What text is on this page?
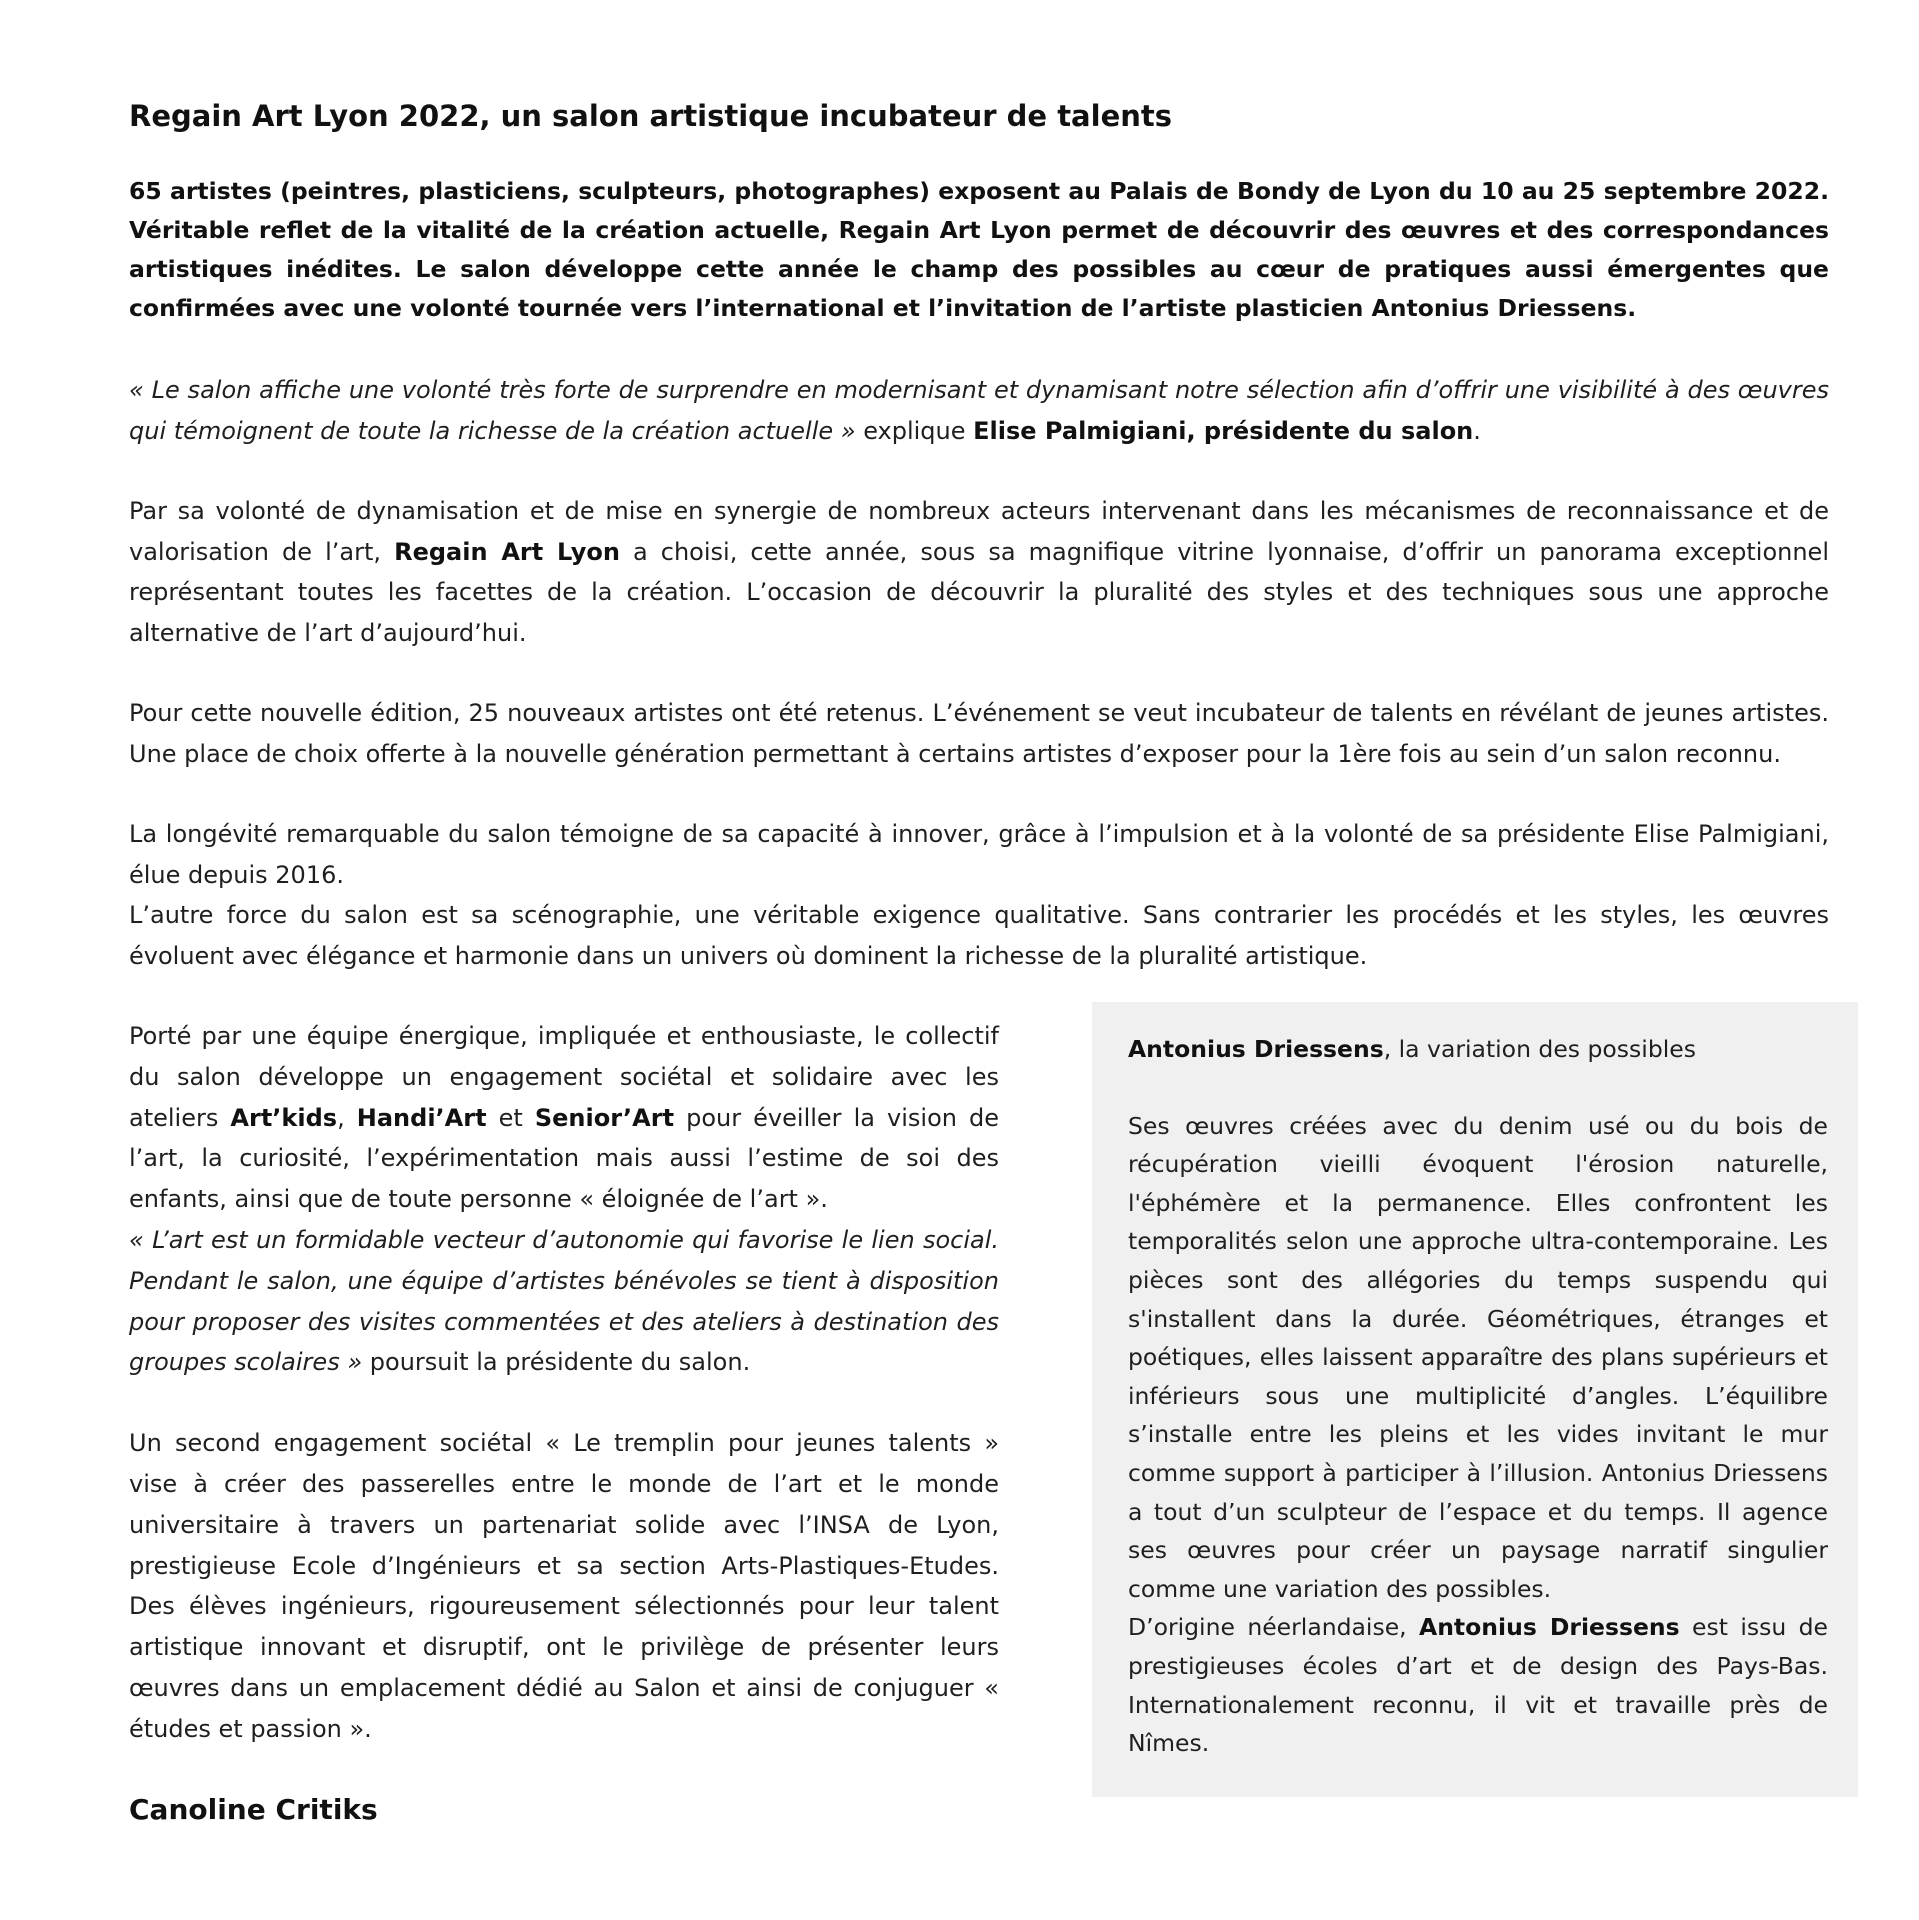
Regain Art Lyon 2022, un salon artistique incubateur de talents

65 artistes (peintres, plasticiens, sculpteurs, photographes) exposent au Palais de Bondy de Lyon du 10 au 25 septembre 2022. Véritable reflet de la vitalité de la création actuelle, Regain Art Lyon permet de découvrir des œuvres et des correspondances artistiques inédites. Le salon développe cette année le champ des possibles au cœur de pratiques aussi émergentes que confirmées avec une volonté tournée vers l’international et l’invitation de l’artiste plasticien Antonius Driessens.

« Le salon affiche une volonté très forte de surprendre en modernisant et dynamisant notre sélection afin d’offrir une visibilité à des œuvres qui témoignent de toute la richesse de la création actuelle » explique Elise Palmigiani, présidente du salon.

Par sa volonté de dynamisation et de mise en synergie de nombreux acteurs intervenant dans les mécanismes de reconnaissance et de valorisation de l’art, Regain Art Lyon a choisi, cette année, sous sa magnifique vitrine lyonnaise, d’offrir un panorama exceptionnel représentant toutes les facettes de la création. L’occasion de découvrir la pluralité des styles et des techniques sous une approche alternative de l’art d’aujourd’hui.

Pour cette nouvelle édition, 25 nouveaux artistes ont été retenus. L’événement se veut incubateur de talents en révélant de jeunes artistes. Une place de choix offerte à la nouvelle génération permettant à certains artistes d’exposer pour la 1ère fois au sein d’un salon reconnu.

La longévité remarquable du salon témoigne de sa capacité à innover, grâce à l’impulsion et à la volonté de sa présidente Elise Palmigiani, élue depuis 2016.

L’autre force du salon est sa scénographie, une véritable exigence qualitative. Sans contrarier les procédés et les styles, les œuvres évoluent avec élégance et harmonie dans un univers où dominent la richesse de la pluralité artistique.

Porté par une équipe énergique, impliquée et enthousiaste, le collectif du salon développe un engagement sociétal et solidaire avec les ateliers Art’kids, Handi’Art et Senior’Art pour éveiller la vision de l’art, la curiosité, l’expérimentation mais aussi l’estime de soi des enfants, ainsi que de toute personne « éloignée de l’art ».

« L’art est un formidable vecteur d’autonomie qui favorise le lien social. Pendant le salon, une équipe d’artistes bénévoles se tient à disposition pour proposer des visites commentées et des ateliers à destination des groupes scolaires » poursuit la présidente du salon.

Un second engagement sociétal « Le tremplin pour jeunes talents » vise à créer des passerelles entre le monde de l’art et le monde universitaire à travers un partenariat solide avec l’INSA de Lyon, prestigieuse Ecole d’Ingénieurs et sa section Arts-Plastiques-Etudes. Des élèves ingénieurs, rigoureusement sélectionnés pour leur talent artistique innovant et disruptif, ont le privilège de présenter leurs œuvres dans un emplacement dédié au Salon et ainsi de conjuguer « études et passion ».

Canoline Critiks

Antonius Driessens, la variation des possibles

Ses œuvres créées avec du denim usé ou du bois de récupération vieilli évoquent l'érosion naturelle, l'éphémère et la permanence. Elles confrontent les temporalités selon une approche ultra-contemporaine. Les pièces sont des allégories du temps suspendu qui s'installent dans la durée. Géométriques, étranges et poétiques, elles laissent apparaître des plans supérieurs et inférieurs sous une multiplicité d’angles. L’équilibre s’installe entre les pleins et les vides invitant le mur comme support à participer à l’illusion. Antonius Driessens a tout d’un sculpteur de l’espace et du temps. Il agence ses œuvres pour créer un paysage narratif singulier comme une variation des possibles.

D’origine néerlandaise, Antonius Driessens est issu de prestigieuses écoles d’art et de design des Pays-Bas. Internationalement reconnu, il vit et travaille près de Nîmes.
